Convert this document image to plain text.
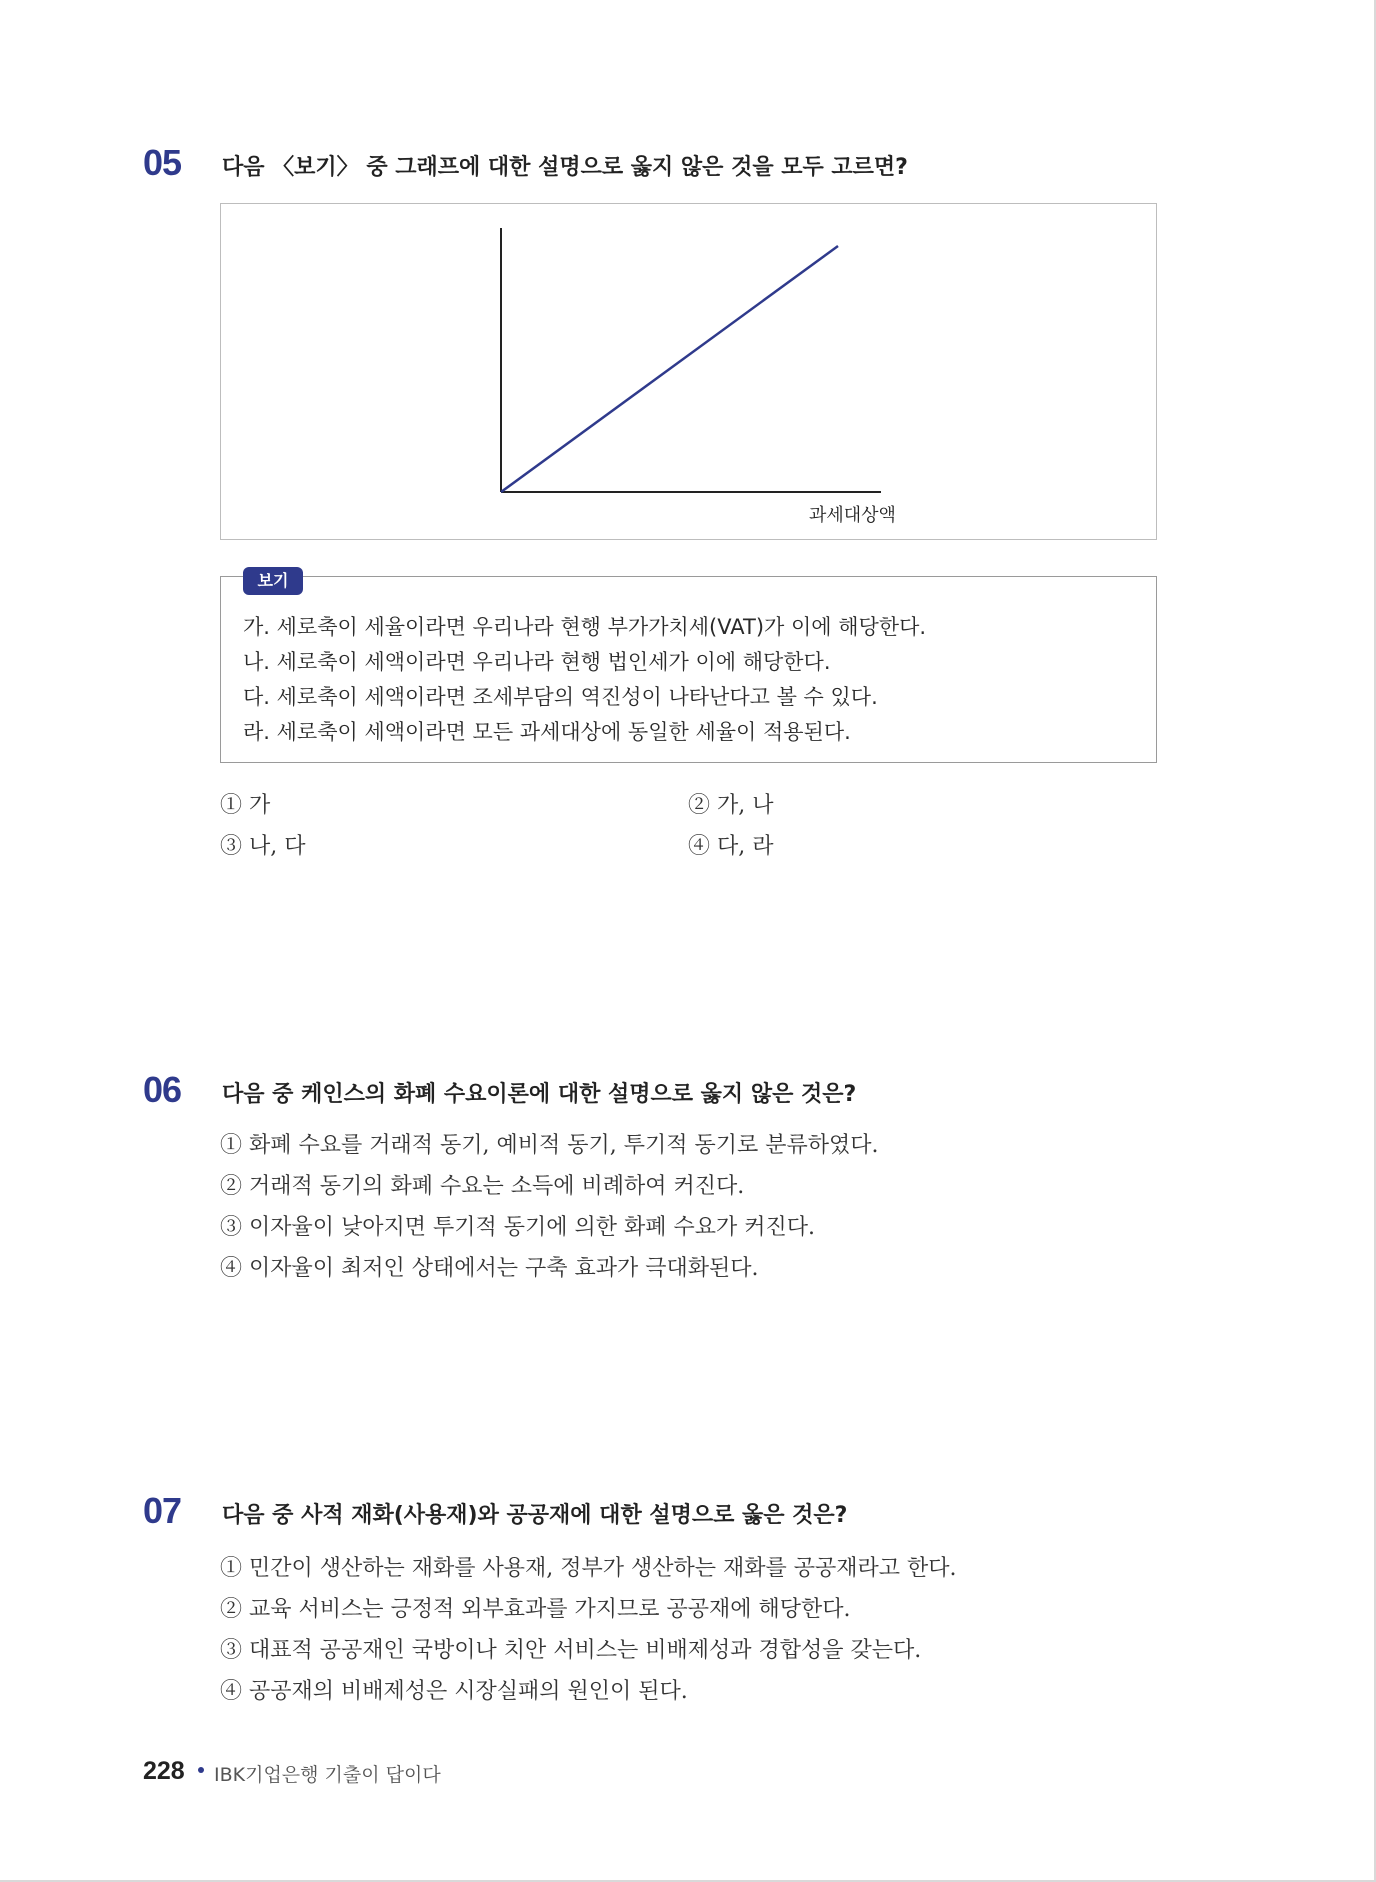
05 다음 〈보기〉 중 그래프에 대한 설명으로 옳지 않은 것을 모두 고르면?
과세대상액
보기
가. 세로축이 세율이라면 우리나라 현행 부가가치세(VAT)가 이에 해당한다.
나. 세로축이 세액이라면 우리나라 현행 법인세가 이에 해당한다.
다. 세로축이 세액이라면 조세부담의 역진성이 나타난다고 볼 수 있다.
라. 세로축이 세액이라면 모든 과세대상에 동일한 세율이 적용된다.
① 가	② 가, 나
③ 나, 다	④ 다, 라
06 다음 중 케인스의 화폐 수요이론에 대한 설명으로 옳지 않은 것은?
① 화폐 수요를 거래적 동기, 예비적 동기, 투기적 동기로 분류하였다.
② 거래적 동기의 화폐 수요는 소득에 비례하여 커진다.
③ 이자율이 낮아지면 투기적 동기에 의한 화폐 수요가 커진다.
④ 이자율이 최저인 상태에서는 구축 효과가 극대화된다.
07 다음 중 사적 재화(사용재)와 공공재에 대한 설명으로 옳은 것은?
① 민간이 생산하는 재화를 사용재, 정부가 생산하는 재화를 공공재라고 한다.
② 교육 서비스는 긍정적 외부효과를 가지므로 공공재에 해당한다.
③ 대표적 공공재인 국방이나 치안 서비스는 비배제성과 경합성을 갖는다.
④ 공공재의 비배제성은 시장실패의 원인이 된다.
228 IBK기업은행 기출이 답이다
